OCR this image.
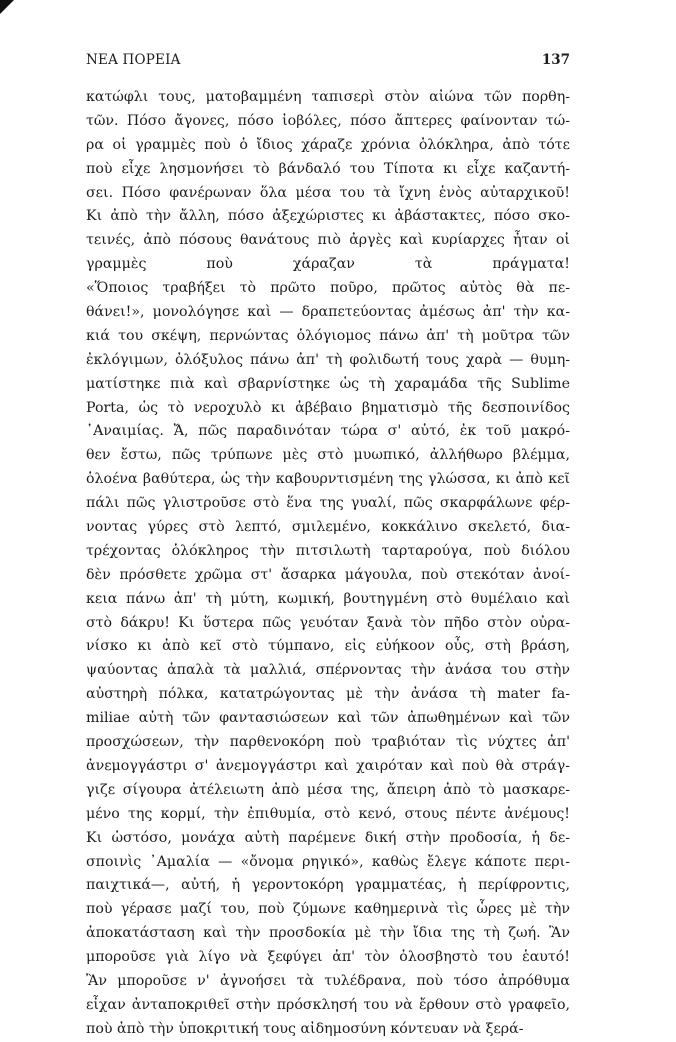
ΝΕΑ ΠΟΡΕΙΑ	137
κατώφλι τους, ματοβαμμένη ταπισερὶ στὸν αἰώνα τῶν πορθη-
τῶν. Πόσο ἄγονες, πόσο ἰοβόλες, πόσο ἄπτερες φαίνονταν τώ-
ρα οἱ γραμμὲς ποὺ ὁ ἴδιος χάραζε χρόνια ὁλόκληρα, ἀπὸ τότε
ποὺ εἶχε λησμονήσει τὸ βάνδαλό του Τίποτα κι εἶχε καζαντή-
σει. Πόσο φανέρωναν ὅλα μέσα του τὰ ἴχνη ἑνὸς αὐταρχικοῦ!
Κι ἀπὸ τὴν ἄλλη, πόσο ἀξεχώριστες κι ἀβάστακτες, πόσο σκο-
τεινές, ἀπὸ πόσους θανάτους πιὸ ἀργὲς καὶ κυρίαρχες ἦταν οἱ
γραμμὲς ποὺ χάραζαν τὰ πράγματα!
«Ὅποιος τραβήξει τὸ πρῶτο ποῦρο, πρῶτος αὐτὸς θὰ πε-
θάνει!», μονολόγησε καὶ — δραπετεύοντας ἀμέσως ἀπ' τὴν κα-
κιά του σκέψη, περνώντας ὁλόγιομος πάνω ἀπ' τὴ μοῦτρα τῶν
ἐκλόγιμων, ὀλόξυλος πάνω ἀπ' τὴ φολιδωτή τους χαρὰ — θυμη-
ματίστηκε πιὰ καὶ σβαρνίστηκε ὡς τὴ χαραμάδα τῆς Sublime
Porta, ὡς τὸ νεροχυλὸ κι ἀβέβαιο βηματισμὸ τῆς δεσποινίδος
᾿Αναιμίας. Ἄ, πῶς παραδινόταν τώρα σ' αὐτό, ἐκ τοῦ μακρό-
θεν ἔστω, πῶς τρύπωνε μὲς στὸ μυωπικό, ἀλλήθωρο βλέμμα,
ὁλοένα βαθύτερα, ὡς τὴν καβουρντισμένη της γλώσσα, κι ἀπὸ κεῖ
πάλι πῶς γλιστροῦσε στὸ ἕνα της γυαλί, πῶς σκαρφάλωνε φέρ-
νοντας γύρες στὸ λεπτό, σμιλεμένο, κοκκάλινο σκελετό, δια-
τρέχοντας ὁλόκληρος τὴν πιτσιλωτὴ ταρταρούγα, ποὺ διόλου
δὲν πρόσθετε χρῶμα στ' ἄσαρκα μάγουλα, ποὺ στεκόταν ἀνοί-
κεια πάνω ἀπ' τὴ μύτη, κωμική, βουτηγμένη στὸ θυμέλαιο καὶ
στὸ δάκρυ! Κι ὕστερα πῶς γευόταν ξανὰ τὸν πῆδο στὸν οὐρα-
νίσκο κι ἀπὸ κεῖ στὸ τύμπανο, εἰς εὐήκοον οὖς, στὴ βράση,
ψαύοντας ἁπαλὰ τὰ μαλλιά, σπέρνοντας τὴν ἀνάσα του στὴν
αὐστηρὴ πόλκα, κατατρώγοντας μὲ τὴν ἀνάσα τὴ mater fa-
miliae αὐτὴ τῶν φαντασιώσεων καὶ τῶν ἀπωθημένων καὶ τῶν
προσχώσεων, τὴν παρθενοκόρη ποὺ τραβιόταν τὶς νύχτες ἀπ'
ἀνεμογγάστρι σ' ἀνεμογγάστρι καὶ χαιρόταν καὶ ποὺ θὰ στράγ-
γιζε σίγουρα ἀτέλειωτη ἀπὸ μέσα της, ἄπειρη ἀπὸ τὸ μασκαρε-
μένο της κορμί, τὴν ἐπιθυμία, στὸ κενό, στους πέντε ἀνέμους!
Κι ὡστόσο, μονάχα αὐτὴ παρέμενε δική στὴν προδοσία, ἡ δε-
σποινὶς ᾿Αμαλία — «ὄνομα ρηγικό», καθὼς ἔλεγε κάποτε περι-
παιχτικά—, αὐτή, ἡ γεροντοκόρη γραμματέας, ἡ περίφροντις,
ποὺ γέρασε μαζί του, ποὺ ζύμωνε καθημερινὰ τὶς ὧρες μὲ τὴν
ἀποκατάσταση καὶ τὴν προσδοκία μὲ τὴν ἴδια της τὴ ζωή. Ἂν
μποροῦσε γιὰ λίγο νὰ ξεφύγει ἀπ' τὸν ὀλοσβηστὸ του ἑαυτό!
Ἂν μποροῦσε ν' ἀγνοήσει τὰ τυλέδρανα, ποὺ τόσο ἀπρόθυμα
εἶχαν ἀνταποκριθεῖ στὴν πρόσκλησή του νὰ ἔρθουν στὸ γραφεῖο,
ποὺ ἀπὸ τὴν ὑποκριτική τους αἰδημοσύνη κόντευαν νὰ ξερά-
